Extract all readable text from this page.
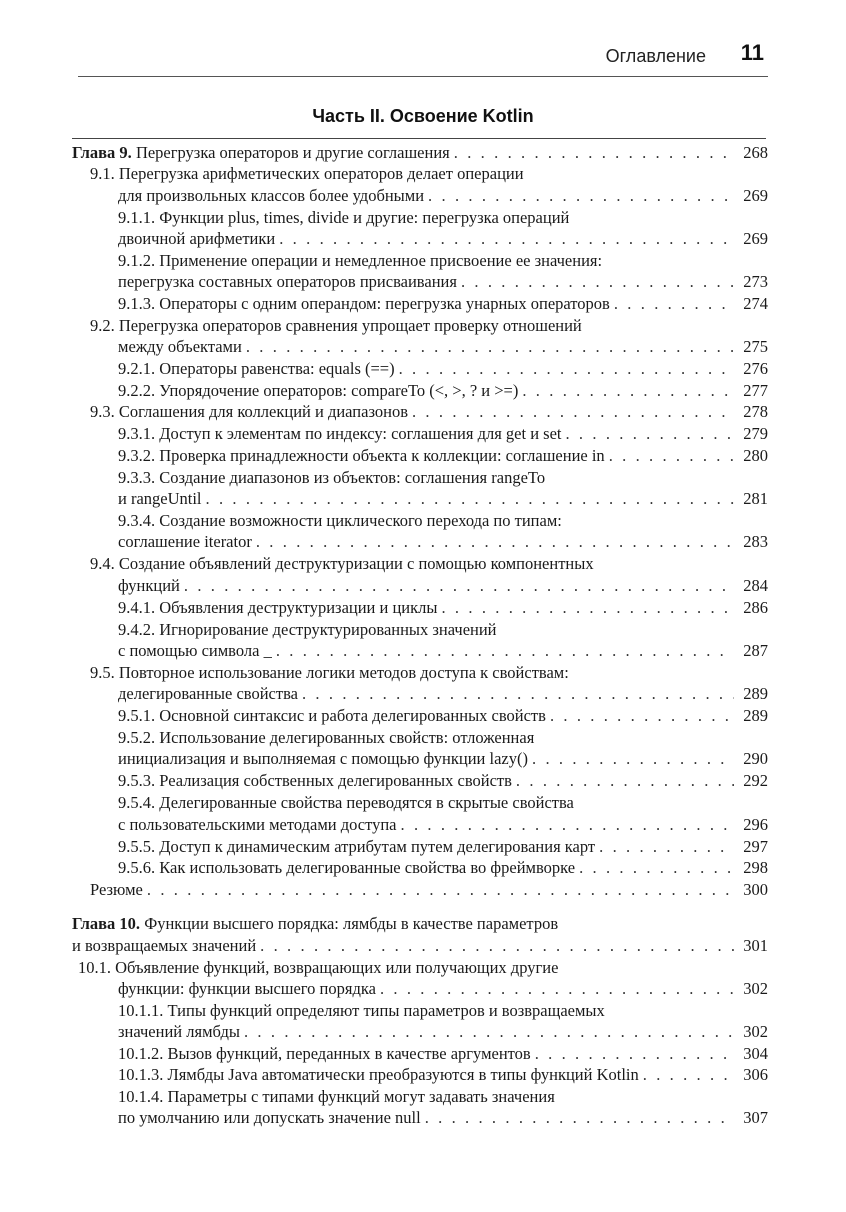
Оглавление 11
Часть II. Освоение Kotlin
Глава 9. Перегрузка операторов и другие соглашения . . .	268
9.1. Перегрузка арифметических операторов делает операции
для произвольных классов более удобными . . .	269
9.1.1. Функции plus, times, divide и другие: перегрузка операций
двоичной арифметики . . .	269
9.1.2. Применение операции и немедленное присвоение ее значения:
перегрузка составных операторов присваивания . . .	273
9.1.3. Операторы с одним операндом: перегрузка унарных операторов . . .	274
9.2. Перегрузка операторов сравнения упрощает проверку отношений
между объектами . . .	275
9.2.1. Операторы равенства: equals (==) . . .	276
9.2.2. Упорядочение операторов: compareTo (<, >, ? и >=) . . .	277
9.3. Соглашения для коллекций и диапазонов . . .	278
9.3.1. Доступ к элементам по индексу: соглашения для get и set . . .	279
9.3.2. Проверка принадлежности объекта к коллекции: соглашение in . . .	280
9.3.3. Создание диапазонов из объектов: соглашения rangeTo
и rangeUntil . . .	281
9.3.4. Создание возможности циклического перехода по типам:
соглашение iterator . . .	283
9.4. Создание объявлений деструктуризации с помощью компонентных
функций . . .	284
9.4.1. Объявления деструктуризации и циклы . . .	286
9.4.2. Игнорирование деструктурированных значений
с помощью символа _ . . .	287
9.5. Повторное использование логики методов доступа к свойствам:
делегированные свойства . . .	289
9.5.1. Основной синтаксис и работа делегированных свойств . . .	289
9.5.2. Использование делегированных свойств: отложенная
инициализация и выполняемая с помощью функции lazy() . . .	290
9.5.3. Реализация собственных делегированных свойств . . .	292
9.5.4. Делегированные свойства переводятся в скрытые свойства
с пользовательскими методами доступа . . .	296
9.5.5. Доступ к динамическим атрибутам путем делегирования карт . . .	297
9.5.6. Как использовать делегированные свойства во фреймворке . . .	298
Резюме . . .	300
Глава 10. Функции высшего порядка: лямбды в качестве параметров
и возвращаемых значений . . .	301
10.1. Объявление функций, возвращающих или получающих другие
функции: функции высшего порядка . . .	302
10.1.1. Типы функций определяют типы параметров и возвращаемых
значений лямбды . . .	302
10.1.2. Вызов функций, переданных в качестве аргументов . . .	304
10.1.3. Лямбды Java автоматически преобразуются в типы функций Kotlin . . .	306
10.1.4. Параметры с типами функций могут задавать значения
по умолчанию или допускать значение null . . .	307
